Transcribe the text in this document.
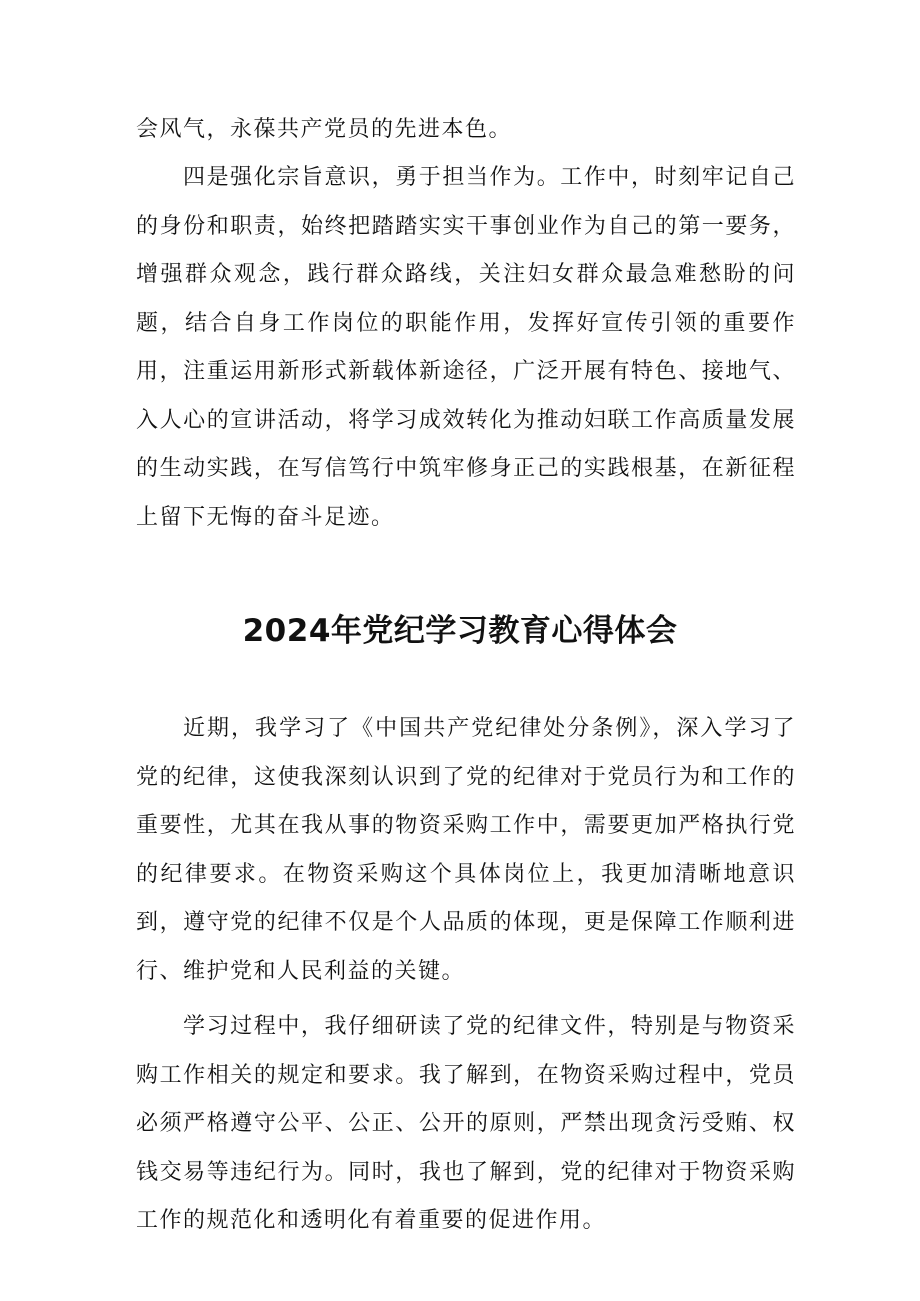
会风气，永葆共产党员的先进本色。

四是强化宗旨意识，勇于担当作为。工作中，时刻牢记自己的身份和职责，始终把踏踏实实干事创业作为自己的第一要务，增强群众观念，践行群众路线，关注妇女群众最急难愁盼的问题，结合自身工作岗位的职能作用，发挥好宣传引领的重要作用，注重运用新形式新载体新途径，广泛开展有特色、接地气、入人心的宣讲活动，将学习成效转化为推动妇联工作高质量发展的生动实践，在写信笃行中筑牢修身正己的实践根基，在新征程上留下无悔的奋斗足迹。

2024年党纪学习教育心得体会

近期，我学习了《中国共产党纪律处分条例》，深入学习了党的纪律，这使我深刻认识到了党的纪律对于党员行为和工作的重要性，尤其在我从事的物资采购工作中，需要更加严格执行党的纪律要求。在物资采购这个具体岗位上，我更加清晰地意识到，遵守党的纪律不仅是个人品质的体现，更是保障工作顺利进行、维护党和人民利益的关键。

学习过程中，我仔细研读了党的纪律文件，特别是与物资采购工作相关的规定和要求。我了解到，在物资采购过程中，党员必须严格遵守公平、公正、公开的原则，严禁出现贪污受贿、权钱交易等违纪行为。同时，我也了解到，党的纪律对于物资采购工作的规范化和透明化有着重要的促进作用。
